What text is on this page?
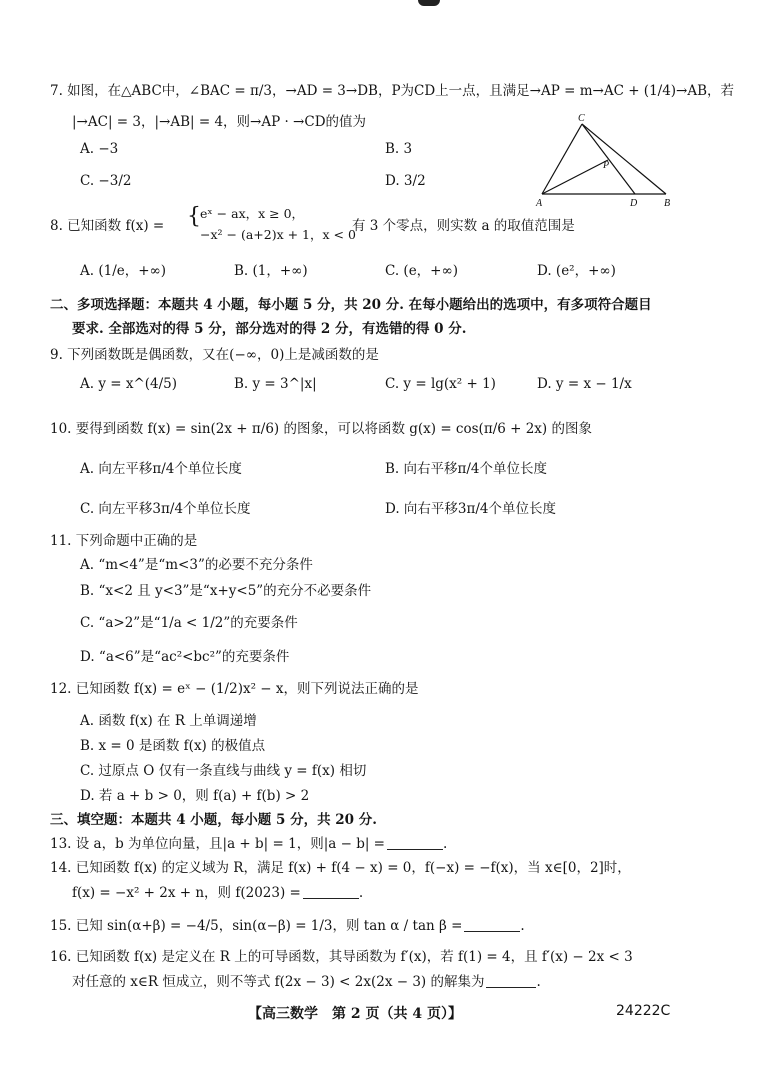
7. 如图，在△ABC中，∠BAC = π/3，→AD = 3→DB，P为CD上一点，且满足→AP = m→AC + (1/4)→AB，若
|→AC| = 3，|→AB| = 4，则→AP · →CD的值为
A. −3	B. 3
C. −3/2	D. 3/2
C
P
A	D	B
8. 已知函数 f(x) = { eˣ − ax，x ≥ 0，
−x² − (a+2)x + 1，x < 0
有 3 个零点，则实数 a 的取值范围是
A. (1/e，+∞)	B. (1，+∞)	C. (e，+∞)	D. (e²，+∞)
二、多项选择题：本题共 4 小题，每小题 5 分，共 20 分. 在每小题给出的选项中，有多项符合题目
要求. 全部选对的得 5 分，部分选对的得 2 分，有选错的得 0 分.
9. 下列函数既是偶函数，又在(−∞，0)上是减函数的是
A. y = x^(4/5)	B. y = 3^|x|	C. y = lg(x² + 1)	D. y = x − 1/x
10. 要得到函数 f(x) = sin(2x + π/6) 的图象，可以将函数 g(x) = cos(π/6 + 2x) 的图象
A. 向左平移π/4个单位长度	B. 向右平移π/4个单位长度
C. 向左平移3π/4个单位长度	D. 向右平移3π/4个单位长度
11. 下列命题中正确的是
A. “m<4”是“m<3”的必要不充分条件
B. “x<2 且 y<3”是“x+y<5”的充分不必要条件
C. “a>2”是“1/a < 1/2”的充要条件
D. “a<6”是“ac²<bc²”的充要条件
12. 已知函数 f(x) = eˣ − (1/2)x² − x，则下列说法正确的是
A. 函数 f(x) 在 R 上单调递增
B. x = 0 是函数 f(x) 的极值点
C. 过原点 O 仅有一条直线与曲线 y = f(x) 相切
D. 若 a + b > 0，则 f(a) + f(b) > 2
三、填空题：本题共 4 小题，每小题 5 分，共 20 分.
13. 设 a，b 为单位向量，且|a + b| = 1，则|a − b| =	.
14. 已知函数 f(x) 的定义域为 R，满足 f(x) + f(4 − x) = 0，f(−x) = −f(x)，当 x∈[0，2]时，
f(x) = −x² + 2x + n，则 f(2023) =	.
15. 已知 sin(α+β) = −4/5，sin(α−β) = 1/3，则 tan α / tan β =	.
16. 已知函数 f(x) 是定义在 R 上的可导函数，其导函数为 f′(x)，若 f(1) = 4，且 f′(x) − 2x < 3
对任意的 x∈R 恒成立，则不等式 f(2x − 3) < 2x(2x − 3) 的解集为	.
【高三数学　第 2 页（共 4 页）】	24222C
